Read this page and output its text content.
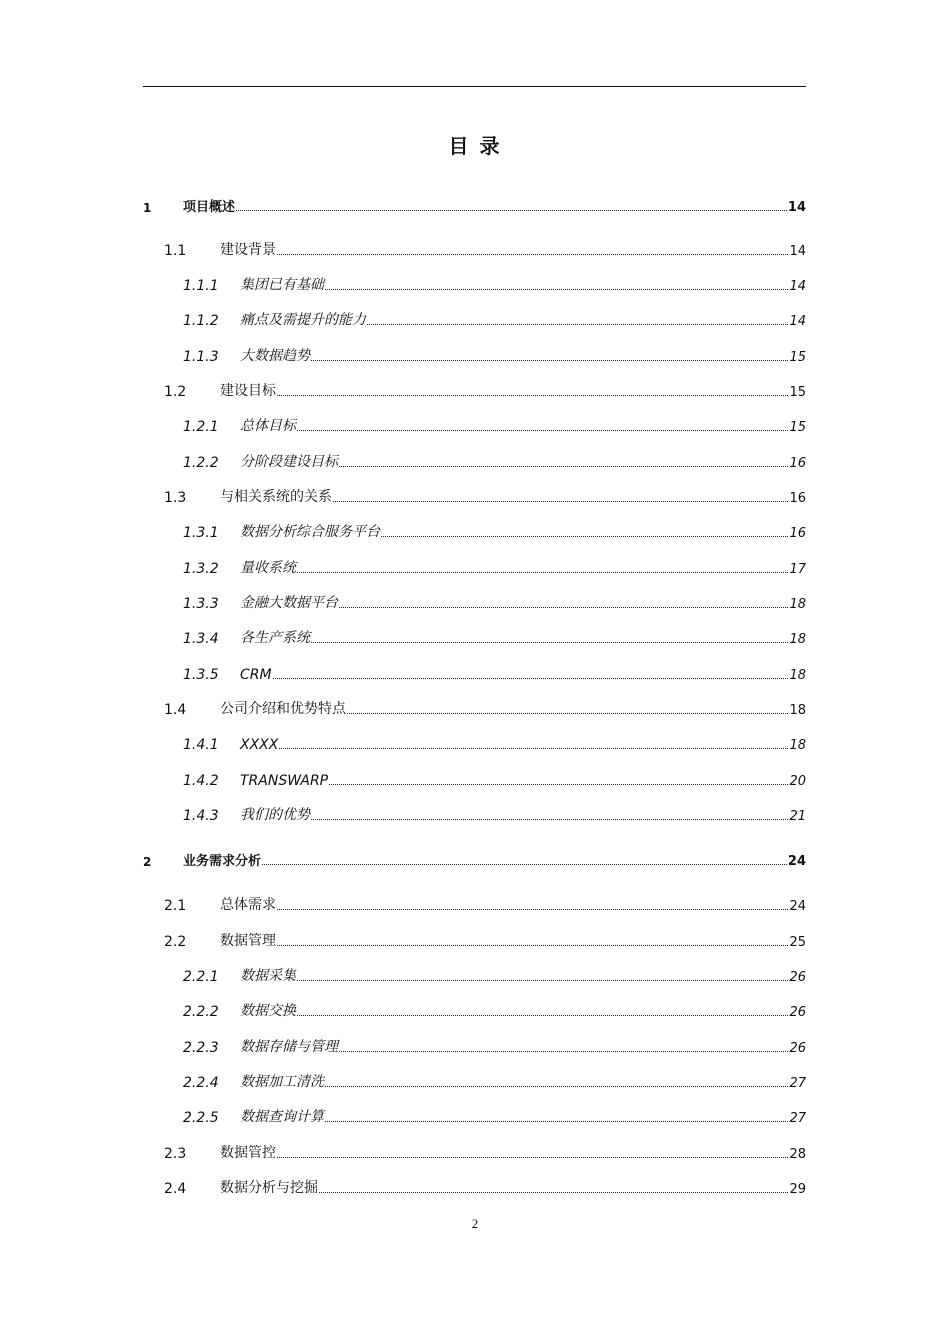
目 录
1	项目概述	14
1.1	建设背景	14
1.1.1	集团已有基础	14
1.1.2	痛点及需提升的能力	14
1.1.3	大数据趋势	15
1.2	建设目标	15
1.2.1	总体目标	15
1.2.2	分阶段建设目标	16
1.3	与相关系统的关系	16
1.3.1	数据分析综合服务平台	16
1.3.2	量收系统	17
1.3.3	金融大数据平台	18
1.3.4	各生产系统	18
1.3.5	CRM	18
1.4	公司介绍和优势特点	18
1.4.1	XXXX	18
1.4.2	TRANSWARP	20
1.4.3	我们的优势	21
2	业务需求分析	24
2.1	总体需求	24
2.2	数据管理	25
2.2.1	数据采集	26
2.2.2	数据交换	26
2.2.3	数据存储与管理	26
2.2.4	数据加工清洗	27
2.2.5	数据查询计算	27
2.3	数据管控	28
2.4	数据分析与挖掘	29
2
